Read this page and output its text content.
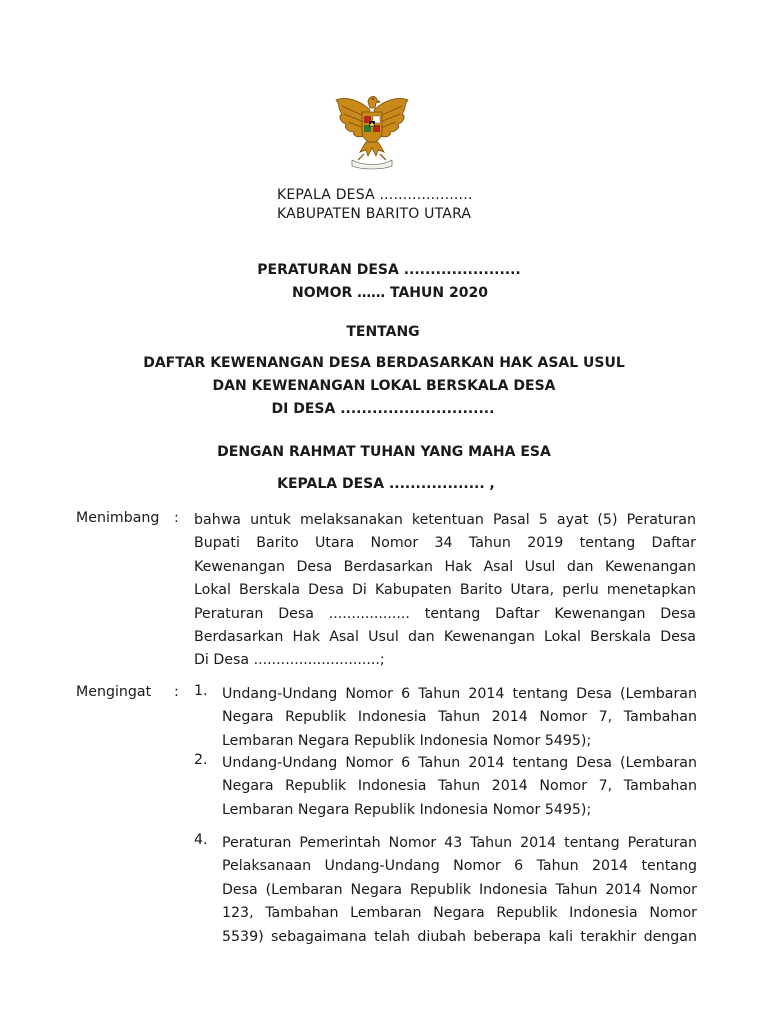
KEPALA DESA ....................
KABUPATEN BARITO UTARA
PERATURAN DESA ......................
NOMOR …… TAHUN 2020
TENTANG
DAFTAR KEWENANGAN DESA BERDASARKAN HAK ASAL USUL
DAN KEWENANGAN LOKAL BERSKALA DESA
DI DESA .............................
DENGAN RAHMAT TUHAN YANG MAHA ESA
KEPALA DESA .................. ,
Menimbang : bahwa untuk melaksanakan ketentuan Pasal 5 ayat (5) Peraturan
Bupati Barito Utara Nomor 34 Tahun 2019 tentang Daftar
Kewenangan Desa Berdasarkan Hak Asal Usul dan Kewenangan
Lokal Berskala Desa Di Kabupaten Barito Utara, perlu menetapkan
Peraturan Desa .................. tentang Daftar Kewenangan Desa
Berdasarkan Hak Asal Usul dan Kewenangan Lokal Berskala Desa
Di Desa ............................;
Mengingat : 1. Undang-Undang Nomor 6 Tahun 2014 tentang Desa (Lembaran
Negara Republik Indonesia Tahun 2014 Nomor 7, Tambahan
Lembaran Negara Republik Indonesia Nomor 5495);
2. Undang-Undang Nomor 6 Tahun 2014 tentang Desa (Lembaran
Negara Republik Indonesia Tahun 2014 Nomor 7, Tambahan
Lembaran Negara Republik Indonesia Nomor 5495);
4. Peraturan Pemerintah Nomor 43 Tahun 2014 tentang Peraturan
Pelaksanaan Undang-Undang Nomor 6 Tahun 2014 tentang
Desa (Lembaran Negara Republik Indonesia Tahun 2014 Nomor
123, Tambahan Lembaran Negara Republik Indonesia Nomor
5539) sebagaimana telah diubah beberapa kali terakhir dengan
